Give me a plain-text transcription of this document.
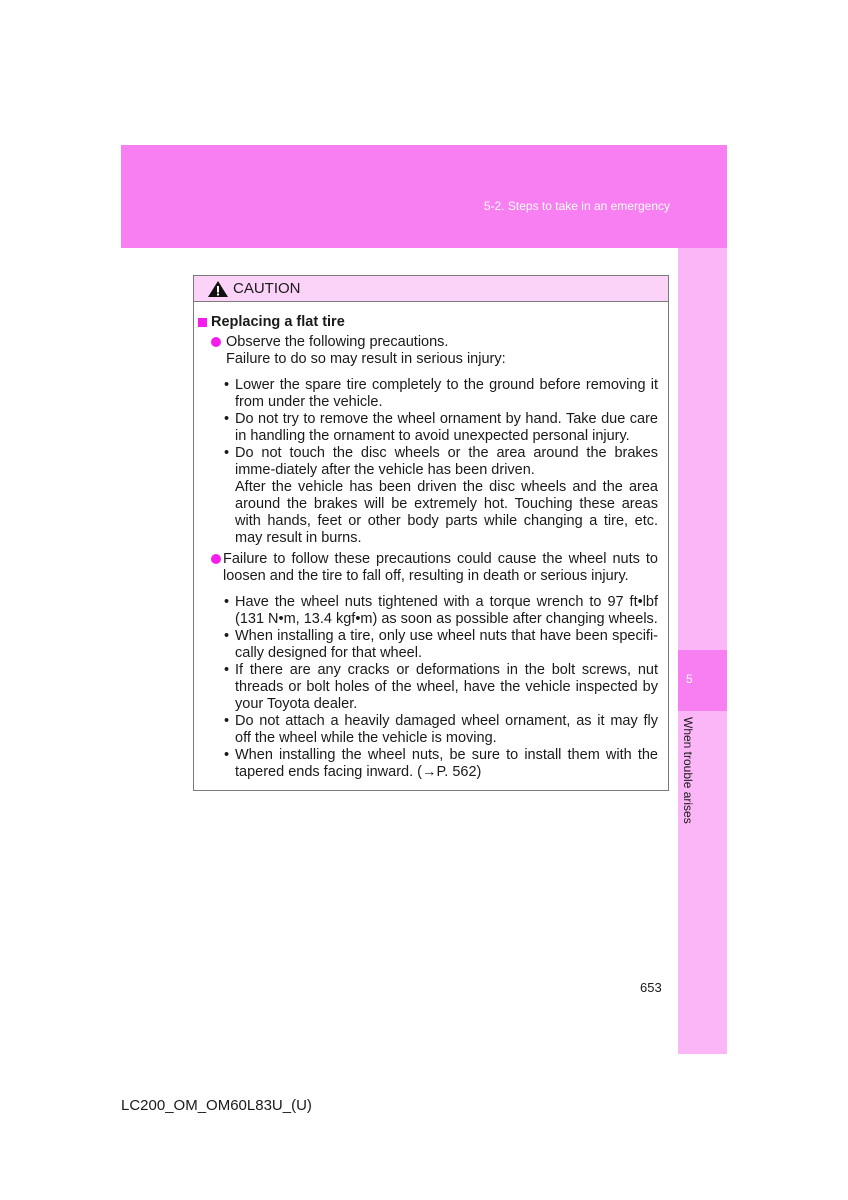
5-2. Steps to take in an emergency

5
When trouble arises
CAUTION
Replacing a flat tire

Observe the following precautions.
Failure to do so may result in serious injury:

• Lower the spare tire completely to the ground before removing it from under the vehicle.
• Do not try to remove the wheel ornament by hand. Take due care in handling the ornament to avoid unexpected personal injury.
• Do not touch the disc wheels or the area around the brakes imme-diately after the vehicle has been driven.

After the vehicle has been driven the disc wheels and the area around the brakes will be extremely hot. Touching these areas with hands, feet or other body parts while changing a tire, etc. may result in burns.

Failure to follow these precautions could cause the wheel nuts to loosen and the tire to fall off, resulting in death or serious injury.

• Have the wheel nuts tightened with a torque wrench to 97 ft•lbf (131 N•m, 13.4 kgf•m) as soon as possible after changing wheels.
• When installing a tire, only use wheel nuts that have been specifi-cally designed for that wheel.
• If there are any cracks or deformations in the bolt screws, nut threads or bolt holes of the wheel, have the vehicle inspected by your Toyota dealer.
• Do not attach a heavily damaged wheel ornament, as it may fly off the wheel while the vehicle is moving.
• When installing the wheel nuts, be sure to install them with the tapered ends facing inward. (→P. 562)
653
LC200_OM_OM60L83U_(U)
